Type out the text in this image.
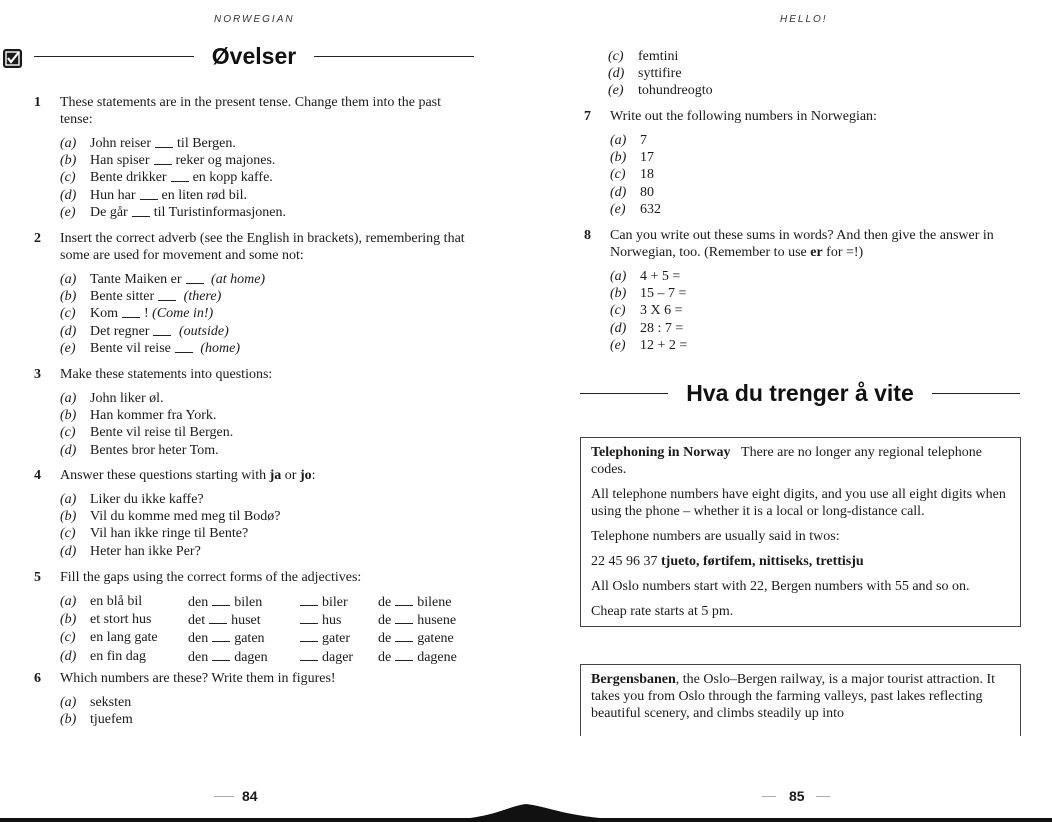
NORWEGIAN
Øvelser
1 These statements are in the present tense. Change them into the past tense:
(a) John reiser til Bergen.
(b) Han spiser reker og majones.
(c)	Bente drikker en kopp kaffe.
(d) Hun har en liten rød bil.
(e)	De går til Turistinformasjonen.
2 Insert the correct adverb (see the English in brackets), remembering that some are used for movement and some not:
(a) Tante Maiken er
(at home)
(b) Bente sitter
(there)
(c)	Kom !
(Come in!)
(d) Det regner
(outside)
(e)	Bente vil reise
(home)
3 Make these statements into questions:
(a) John liker øl.
(b) Han kommer fra York.
(c)	Bente vil reise til Bergen.
(d) Bentes bror heter Tom.
4 Answer these questions starting with ja or jo:
(a) Liker du ikke kaffe?
(b) Vil du komme med meg til Bodø?
(c)	Vil han ikke ringe til Bente?
(d) Heter han ikke Per?
5 Fill the gaps using the correct forms of the adjectives:
(a) en blå bil	den bilen	biler	de bilene
(b) et stort hus	det huset	hus	de husene
(c)	en lang gate	den gaten	gater	de gatene
(d) en fin dag	den dagen	dager	de dagene
6 Which numbers are these? Write them in figures!
(a) seksten
(b) tjuefem
84
HELLO!
(c)	femtini
(d) syttifire
(e)	tohundreogto
7 Write out the following numbers in Norwegian:
(a) 7
(b) 17
(c)	18
(d) 80
(e)	632
8 Can you write out these sums in words? And then give the answer in Norwegian, too. (Remember to use er for =!)
(a) 4 + 5 =
(b) 15 – 7 =
(c)	3 X 6 =
(d) 28 : 7 =
(e)	12 + 2 =
Hva du trenger å vite

Telephoning in Norway There are no longer any regional telephone codes.

All telephone numbers have eight digits, and you use all eight digits when using the phone – whether it is a local or long-distance call.

Telephone numbers are usually said in twos:

22 45 96 37 tjueto, førtifem, nittiseks, trettisju

All Oslo numbers start with 22, Bergen numbers with 55 and so on.

Cheap rate starts at 5 pm.

Bergensbanen, the Oslo–Bergen railway, is a major tourist attraction. It takes you from Oslo through the farming valleys, past lakes reflecting beautiful scenery, and climbs steadily up into

85
